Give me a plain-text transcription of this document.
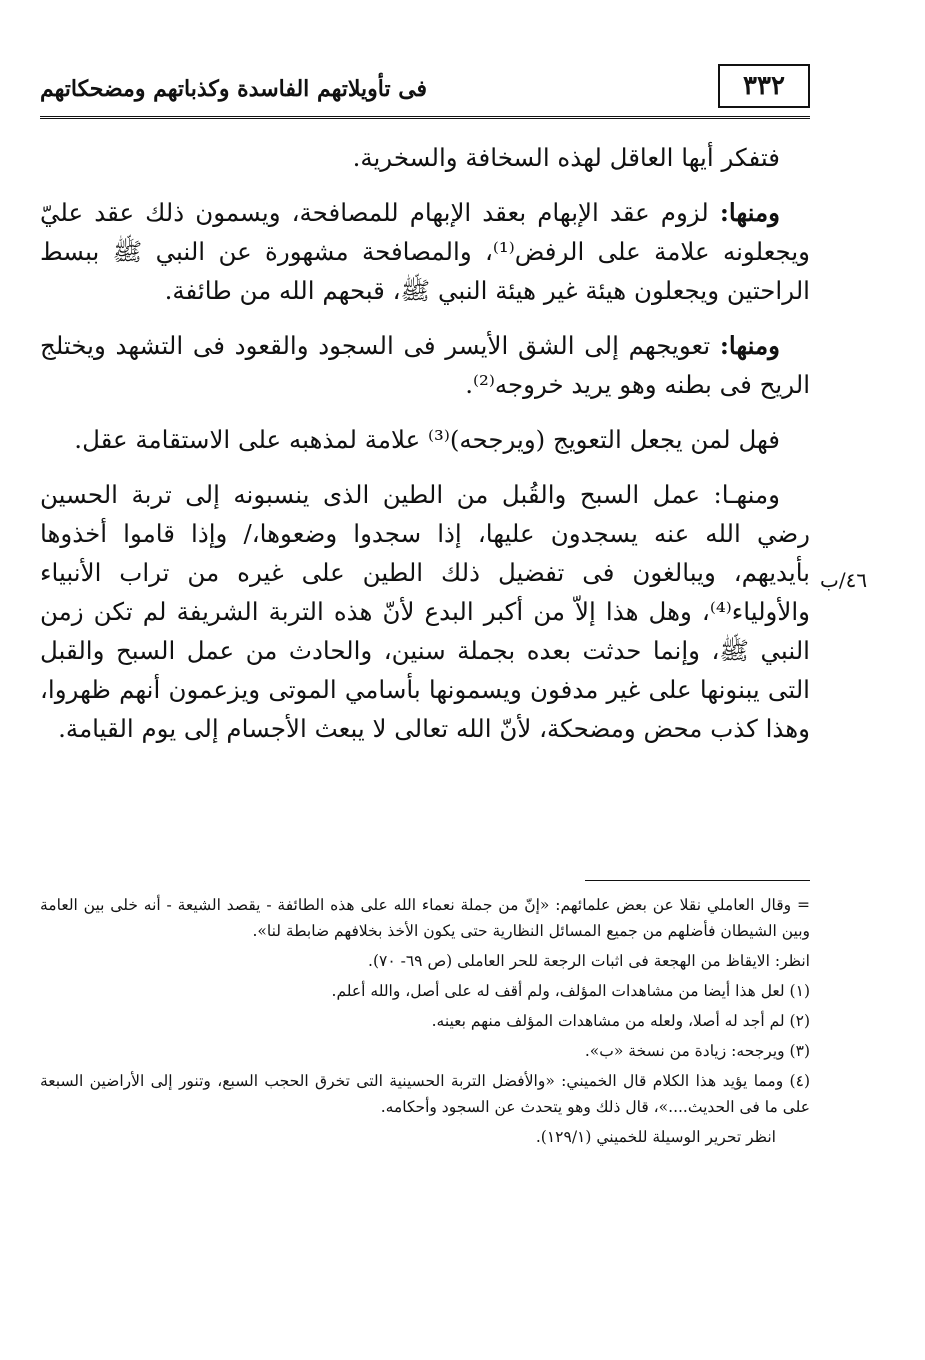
٣٣٢
فى تأويلاتهم الفاسدة وكذباتهم ومضحكاتهم

فتفكر أيها العاقل لهذه السخافة والسخرية.

ومنها: لزوم عقد الإبهام بعقد الإبهام للمصافحة، ويسمون ذلك عقد عليّ ويجعلونه علامة على الرفض⁽¹⁾، والمصافحة مشهورة عن النبي ﷺ ببسط الراحتين ويجعلون هيئة غير هيئة النبي ﷺ، قبحهم الله من طائفة.

ومنها: تعويجهم إلى الشق الأيسر فى السجود والقعود فى التشهد ويختلج الريح فى بطنه وهو يريد خروجه⁽²⁾.

فهل لمن يجعل التعويج (ويرجحه)⁽³⁾ علامة لمذهبه على الاستقامة عقل.

ومنهـا: عمل السبح والقُبل من الطين الذى ينسبونه إلى تربة الحسين رضي الله عنه يسجدون عليها، إذا سجدوا وضعوها،/ وإذا قاموا أخذوها بأيديهم، ويبالغون فى تفضيل ذلك الطين على غيره من تراب الأنبياء والأولياء⁽⁴⁾، وهل هذا إلاّ من أكبر البدع لأنّ هذه التربة الشريفة لم تكن زمن النبي ﷺ، وإنما حدثت بعده بجملة سنين، والحادث من عمل السبح والقبل التى يبنونها على غير مدفون ويسمونها بأسامي الموتى ويزعمون أنهم ظهروا، وهذا كذب محض ومضحكة، لأنّ الله تعالى لا يبعث الأجسام إلى يوم القيامة.

٤٦/ب
= وقال العاملي نقلا عن بعض علمائهم: «إنّ من جملة نعماء الله على هذه الطائفة - يقصد الشيعة - أنه خلى بين العامة وبين الشيطان فأضلهم من جميع المسائل النظارية حتى يكون الأخذ بخلافهم ضابطة لنا».
انظر: الايقاظ من الهجعة فى اثبات الرجعة للحر العاملى (ص ٦٩- ٧٠).
(١) لعل هذا أيضا من مشاهدات المؤلف، ولم أقف له على أصل، والله أعلم.
(٢) لم أجد له أصلا، ولعله من مشاهدات المؤلف منهم بعينه.
(٣) ويرجحه: زيادة من نسخة «ب».
(٤) ومما يؤيد هذا الكلام قال الخميني: «والأفضل التربة الحسينية التى تخرق الحجب السبع، وتنور إلى الأراضين السبعة على ما فى الحديث....»، قال ذلك وهو يتحدث عن السجود وأحكامه.
انظر تحرير الوسيلة للخميني (١٢٩/١).
